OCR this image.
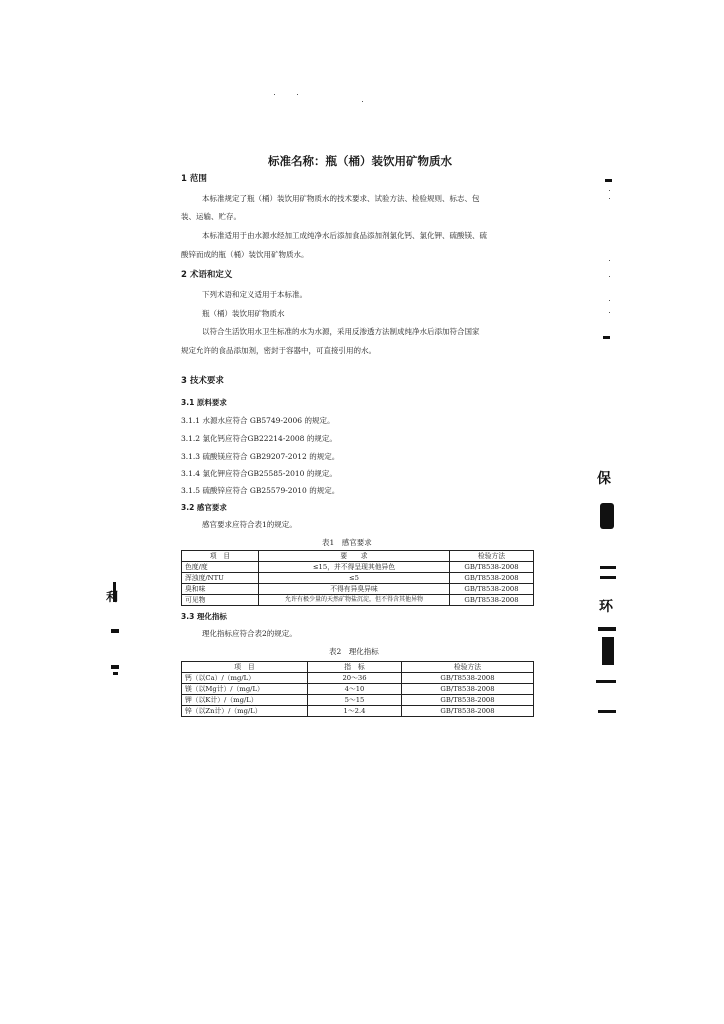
标准名称：瓶（桶）装饮用矿物质水
1 范围
本标准规定了瓶（桶）装饮用矿物质水的技术要求、试验方法、检验规则、标志、包
装、运输、贮存。
本标准适用于由水源水经加工成纯净水后添加食品添加剂氯化钙、氯化钾、硫酸镁、硫
酸锌而成的瓶（桶）装饮用矿物质水。
2 术语和定义
下列术语和定义适用于本标准。
瓶（桶）装饮用矿物质水
以符合生活饮用水卫生标准的水为水源，采用反渗透方法制成纯净水后添加符合国家
规定允许的食品添加剂，密封于容器中，可直接引用的水。
3 技术要求
3.1 原料要求
3.1.1 水源水应符合 GB5749-2006 的规定。
3.1.2 氯化钙应符合GB22214-2008 的规定。
3.1.3 硫酸镁应符合 GB29207-2012 的规定。
3.1.4 氯化钾应符合GB25585-2010 的规定。
3.1.5 硫酸锌应符合 GB25579-2010 的规定。
3.2 感官要求
感官要求应符合表1的规定。
表1　感官要求
项　目	要　　求	检验方法
色度/度	≤15，并不得呈现其他异色	GB/T8538-2008
浑浊度/NTU	≤5	GB/T8538-2008
臭和味	不得有异臭异味	GB/T8538-2008
可见物	允许有极少量的天然矿物盐沉淀，但不得含其他异物	GB/T8538-2008
3.3 理化指标
理化指标应符合表2的规定。
表2　理化指标
项　目	指　标	检验方法
钙（以Ca）/（mg/L）	20～36	GB/T8538-2008
镁（以Mg计）/（mg/L）	4～10	GB/T8538-2008
钾（以K计）/（mg/L）	5～15	GB/T8538-2008
锌（以Zn计）/（mg/L）	1～2.4	GB/T8538-2008
保
环
利
